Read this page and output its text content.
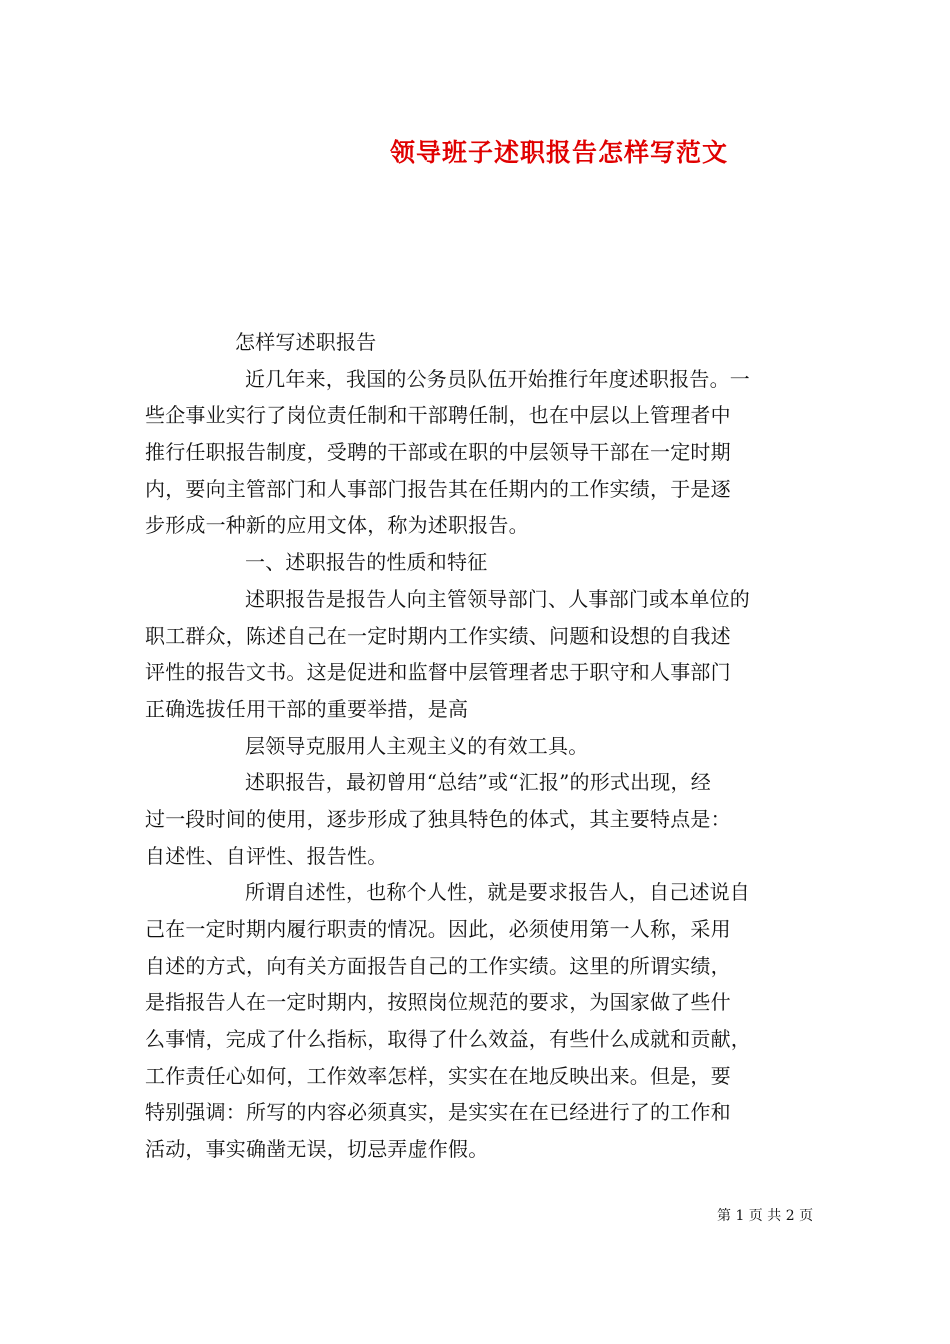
领导班子述职报告怎样写范文
怎样写述职报告
近几年来，我国的公务员队伍开始推行年度述职报告。一
些企事业实行了岗位责任制和干部聘任制，也在中层以上管理者中
推行任职报告制度，受聘的干部或在职的中层领导干部在一定时期
内，要向主管部门和人事部门报告其在任期内的工作实绩，于是逐
步形成一种新的应用文体，称为述职报告。
一、述职报告的性质和特征
述职报告是报告人向主管领导部门、人事部门或本单位的
职工群众，陈述自己在一定时期内工作实绩、问题和设想的自我述
评性的报告文书。这是促进和监督中层管理者忠于职守和人事部门
正确选拔任用干部的重要举措，是高
层领导克服用人主观主义的有效工具。
述职报告，最初曾用“总结”或“汇报”的形式出现，经
过一段时间的使用，逐步形成了独具特色的体式，其主要特点是：
自述性、自评性、报告性。
所谓自述性，也称个人性，就是要求报告人，自己述说自
己在一定时期内履行职责的情况。因此，必须使用第一人称，采用
自述的方式，向有关方面报告自己的工作实绩。这里的所谓实绩，
是指报告人在一定时期内，按照岗位规范的要求，为国家做了些什
么事情，完成了什么指标，取得了什么效益，有些什么成就和贡献，
工作责任心如何，工作效率怎样，实实在在地反映出来。但是，要
特别强调：所写的内容必须真实，是实实在在已经进行了的工作和
活动，事实确凿无误，切忌弄虚作假。
第 1 页 共 2 页
